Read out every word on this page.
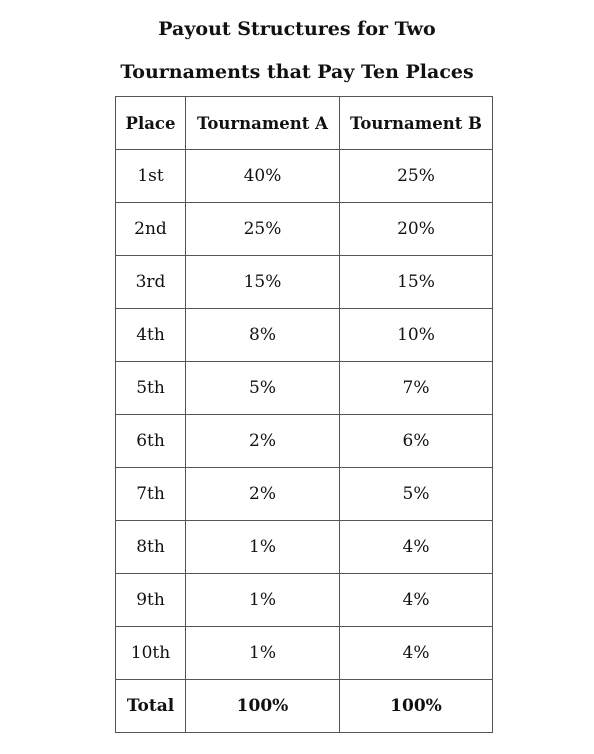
Payout Structures for Two
Tournaments that Pay Ten Places
Place	Tournament A	Tournament B
1st	40%	25%
2nd	25%	20%
3rd	15%	15%
4th	8%	10%
5th	5%	7%
6th	2%	6%
7th	2%	5%
8th	1%	4%
9th	1%	4%
10th	1%	4%
Total	100%	100%
